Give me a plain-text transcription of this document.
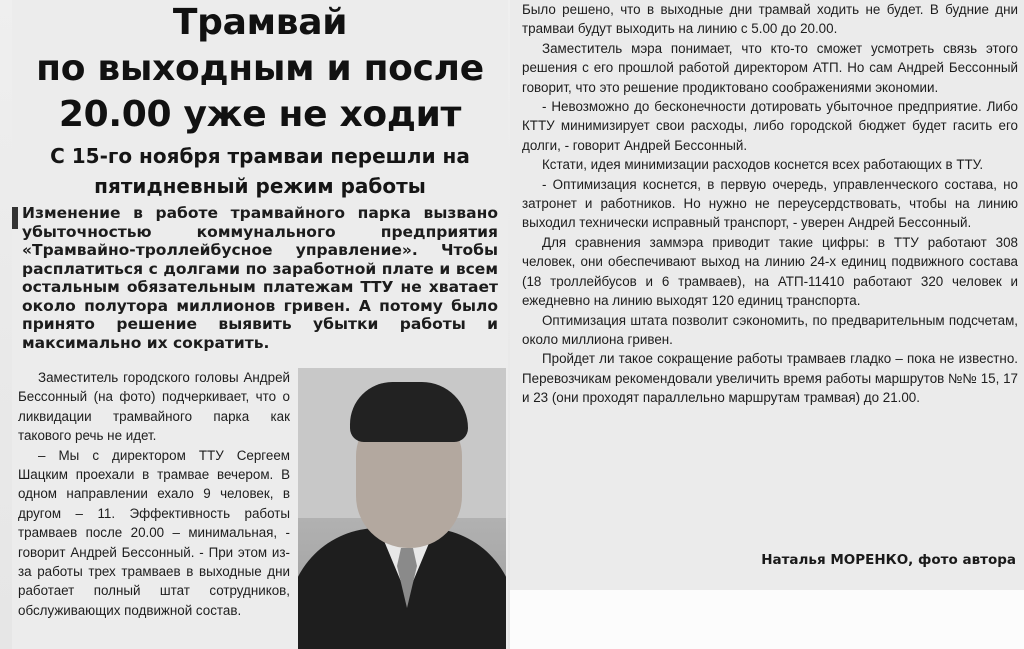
Трамвай
по выходным и после
20.00 уже не ходит
С 15-го ноября трамваи перешли на
пятидневный режим работы
Изменение в работе трамвайного парка вызвано убыточностью коммунального предприятия «Трамвайно-троллейбусное управление». Чтобы расплатиться с долгами по заработной плате и всем остальным обязательным платежам ТТУ не хватает около полутора миллионов гривен. А потому было принято решение выявить убытки работы и максимально их сократить.

Заместитель городского головы Андрей Бессонный (на фото) подчеркивает, что о ликвидации трамвайного парка как такового речь не идет.

– Мы с директором ТТУ Сергеем Шацким проехали в трамвае вечером. В одном направлении ехало 9 человек, в другом – 11. Эффективность работы трамваев после 20.00 – минимальная, - говорит Андрей Бессонный. - При этом из-за работы трех трамваев в выходные дни работает полный штат сотрудников, обслуживающих подвижной состав.

Было решено, что в выходные дни трамвай ходить не будет. В будние дни трамваи будут выходить на линию с 5.00 до 20.00.

Заместитель мэра понимает, что кто-то сможет усмотреть связь этого решения с его прошлой работой директором АТП. Но сам Андрей Бессонный говорит, что это решение продиктовано соображениями экономии.

- Невозможно до бесконечности дотировать убыточное предприятие. Либо КТТУ минимизирует свои расходы, либо городской бюджет будет гасить его долги, - говорит Андрей Бессонный.

Кстати, идея минимизации расходов коснется всех работающих в ТТУ.

- Оптимизация коснется, в первую очередь, управленческого состава, но затронет и работников. Но нужно не переусердствовать, чтобы на линию выходил технически исправный транспорт, - уверен Андрей Бессонный.

Для сравнения заммэра приводит такие цифры: в ТТУ работают 308 человек, они обеспечивают выход на линию 24-х единиц подвижного состава (18 троллейбусов и 6 трамваев), на АТП-11410 работают 320 человек и ежедневно на линию выходят 120 единиц транспорта.

Оптимизация штата позволит сэкономить, по предварительным подсчетам, около миллиона гривен.

Пройдет ли такое сокращение работы трамваев гладко – пока не известно. Перевозчикам рекомендовали увеличить время работы маршрутов №№ 15, 17 и 23 (они проходят параллельно маршрутам трамвая) до 21.00.

Наталья МОРЕНКО, фото автора
